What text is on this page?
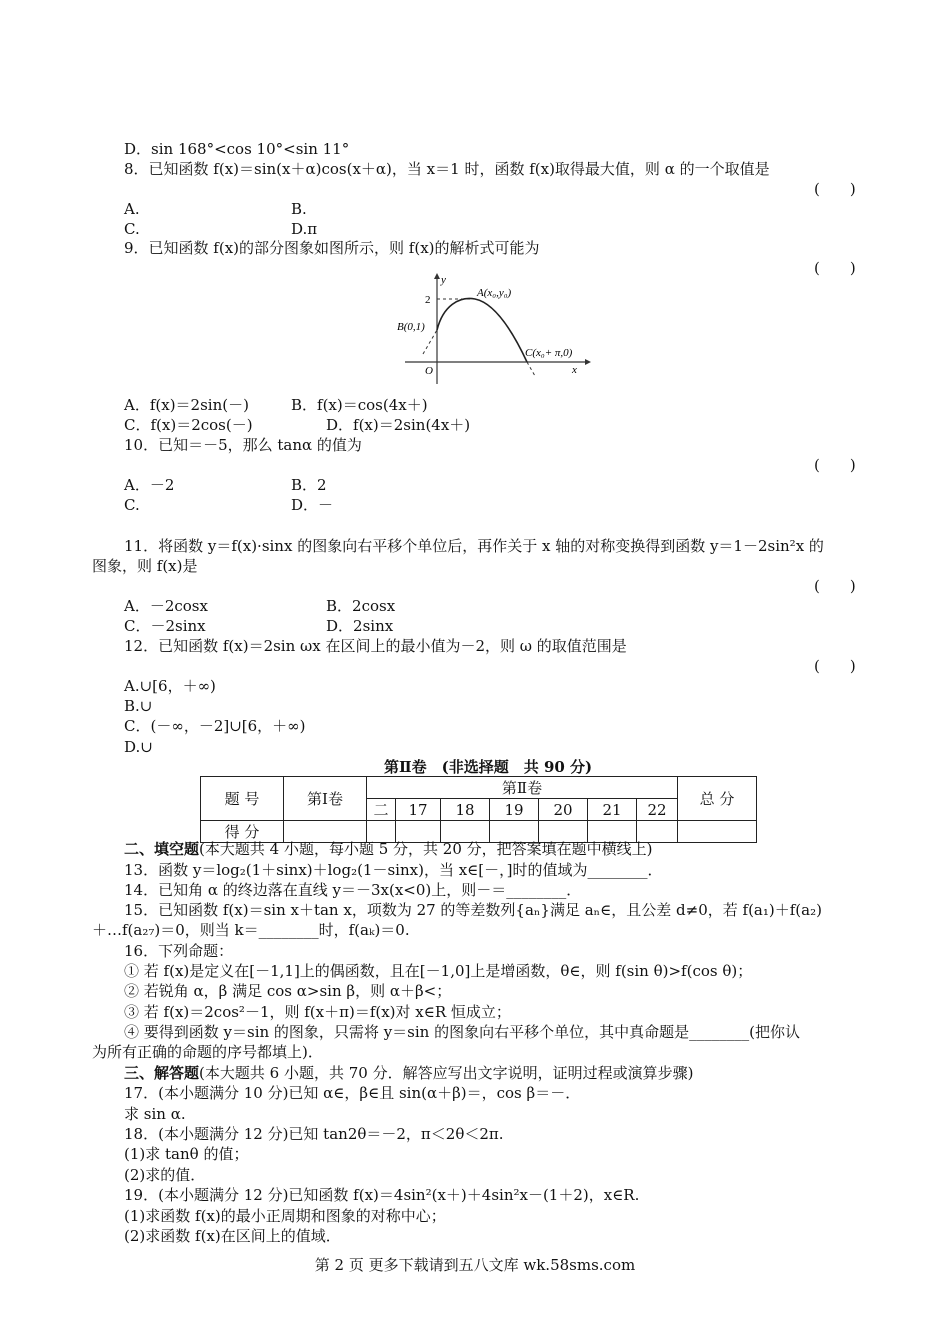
D．sin 168°<cos 10°<sin 11°
8．已知函数 f(x)＝sin(x＋α)cos(x＋α)，当 x＝1 时，函数 f(x)取得最大值，则 α 的一个取值是
(　　)
A.	B.
C.	D.π
9．已知函数 f(x)的部分图象如图所示，则 f(x)的解析式可能为
(　　)
y
x
O
2
A(x₀,y₀)
B(0,1)
C(x₀+ π,0)
A．f(x)＝2sin(－)	B．f(x)＝cos(4x＋)
C．f(x)＝2cos(－)	D．f(x)＝2sin(4x＋)
10．已知＝－5，那么 tanα 的值为
(　　)
A．－2	B．2
C.	D．－
11．将函数 y＝f(x)·sinx 的图象向右平移个单位后，再作关于 x 轴的对称变换得到函数 y＝1－2sin²x 的
图象，则 f(x)是
(　　)
A．－2cosx	B．2cosx
C．－2sinx	D．2sinx
12．已知函数 f(x)＝2sin ωx 在区间上的最小值为－2，则 ω 的取值范围是
(　　)
A.∪[6，＋∞)
B.∪
C．(－∞，－2]∪[6，＋∞)
D.∪
第Ⅱ卷　(非选择题　共 90 分)
题 号	第Ⅰ卷	第Ⅱ卷							总 分
		二	17	18	19	20	21	22	
得 分									
二、填空题(本大题共 4 小题，每小题 5 分，共 20 分，把答案填在题中横线上)
13．函数 y＝log₂(1＋sinx)＋log₂(1－sinx)，当 x∈[－，]时的值域为________．
14．已知角 α 的终边落在直线 y＝－3x(x<0)上，则－＝________．
15．已知函数 f(x)＝sin x＋tan x，项数为 27 的等差数列{aₙ}满足 aₙ∈，且公差 d≠0，若 f(a₁)＋f(a₂)
＋…f(a₂₇)＝0，则当 k＝________时，f(aₖ)＝0.
16．下列命题：
① 若 f(x)是定义在[－1,1]上的偶函数，且在[－1,0]上是增函数，θ∈，则 f(sin θ)>f(cos θ)；
② 若锐角 α，β 满足 cos α>sin β，则 α＋β<；
③ 若 f(x)＝2cos²－1，则 f(x＋π)＝f(x)对 x∈R 恒成立；
④ 要得到函数 y＝sin 的图象，只需将 y＝sin 的图象向右平移个单位，其中真命题是________(把你认
为所有正确的命题的序号都填上)．
三、解答题(本大题共 6 小题，共 70 分．解答应写出文字说明，证明过程或演算步骤)
17．(本小题满分 10 分)已知 α∈，β∈且 sin(α＋β)＝，cos β＝－．
求 sin α.
18．(本小题满分 12 分)已知 tan2θ＝－2，π＜2θ＜2π.
(1)求 tanθ 的值；
(2)求的值．
19．(本小题满分 12 分)已知函数 f(x)＝4sin²(x＋)＋4sin²x－(1＋2)，x∈R.
(1)求函数 f(x)的最小正周期和图象的对称中心；
(2)求函数 f(x)在区间上的值域．
第 2 页 更多下载请到五八文库 wk.58sms.com
